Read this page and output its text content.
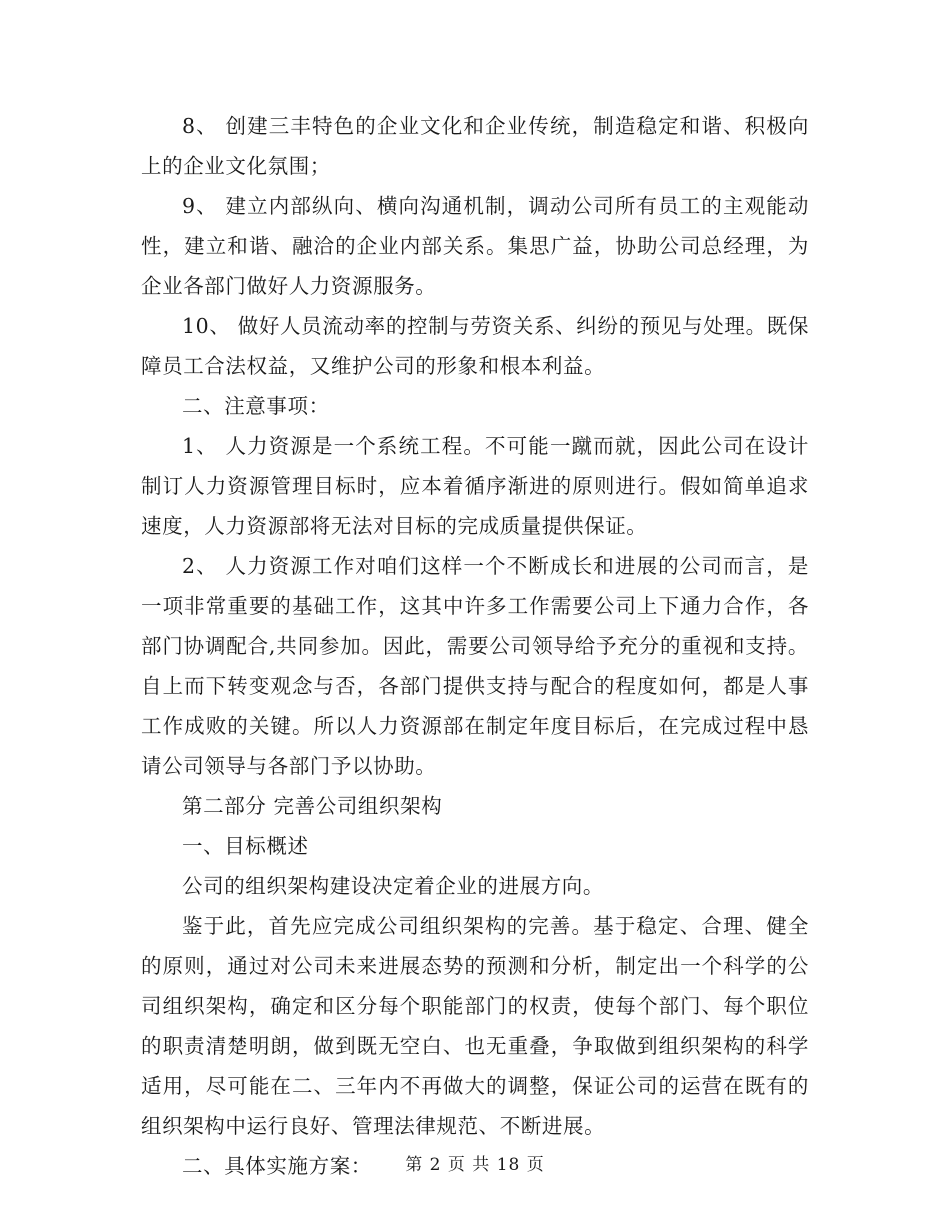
8、 创建三丰特色的企业文化和企业传统，制造稳定和谐、积极向上的企业文化氛围；

9、 建立内部纵向、横向沟通机制，调动公司所有员工的主观能动性，建立和谐、融洽的企业内部关系。集思广益，协助公司总经理，为企业各部门做好人力资源服务。

10、 做好人员流动率的控制与劳资关系、纠纷的预见与处理。既保障员工合法权益，又维护公司的形象和根本利益。

二、注意事项：

1、 人力资源是一个系统工程。不可能一蹴而就，因此公司在设计制订人力资源管理目标时，应本着循序渐进的原则进行。假如简单追求速度，人力资源部将无法对目标的完成质量提供保证。

2、 人力资源工作对咱们这样一个不断成长和进展的公司而言，是一项非常重要的基础工作，这其中许多工作需要公司上下通力合作，各部门协调配合,共同参加。因此，需要公司领导给予充分的重视和支持。自上而下转变观念与否，各部门提供支持与配合的程度如何，都是人事工作成败的关键。所以人力资源部在制定年度目标后，在完成过程中恳请公司领导与各部门予以协助。

第二部分 完善公司组织架构

一、目标概述

公司的组织架构建设决定着企业的进展方向。

鉴于此，首先应完成公司组织架构的完善。基于稳定、合理、健全的原则，通过对公司未来进展态势的预测和分析，制定出一个科学的公司组织架构，确定和区分每个职能部门的权责，使每个部门、每个职位的职责清楚明朗，做到既无空白、也无重叠，争取做到组织架构的科学适用，尽可能在二、三年内不再做大的调整，保证公司的运营在既有的组织架构中运行良好、管理法律规范、不断进展。

二、具体实施方案：	第 2 页 共 18 页
